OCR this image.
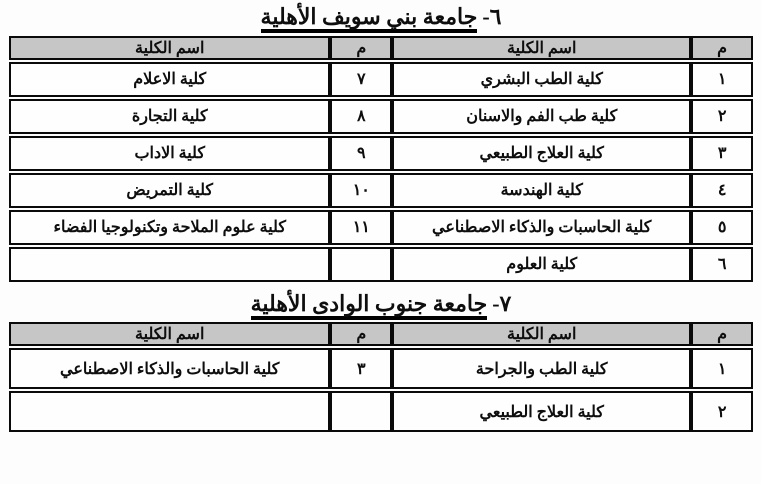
٦-جامعة بني سويف الأهلية
م	اسم الكلية	م	اسم الكلية
١	كلية الطب البشري	٧	كلية الاعلام
٢	كلية طب الفم والاسنان	٨	كلية التجارة
٣	كلية العلاج الطبيعي	٩	كلية الاداب
٤	كلية الهندسة	١٠	كلية التمريض
٥	كلية الحاسبات والذكاء الاصطناعي	١١	كلية علوم الملاحة وتكنولوجيا الفضاء
٦	كلية العلوم		
٧-جامعة جنوب الوادى الأهلية
م	اسم الكلية	م	اسم الكلية
١	كلية الطب والجراحة	٣	كلية الحاسبات والذكاء الاصطناعي
٢	كلية العلاج الطبيعي		
